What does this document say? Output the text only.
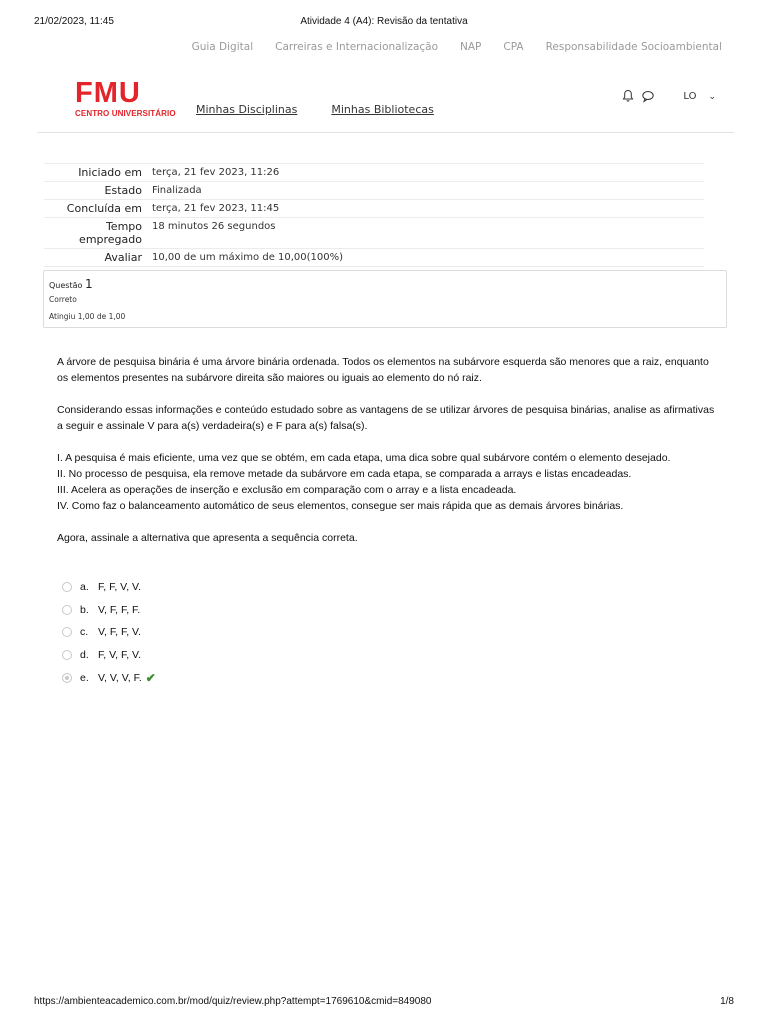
21/02/2023, 11:45	Atividade 4 (A4): Revisão da tentativa
Guia Digital Carreiras e Internacionalização NAP CPA Responsabilidade Socioambiental
FMU
CENTRO UNIVERSITÁRIO Minhas Disciplinas	Minhas Bibliotecas
LO ⌄
Iniciado em	terça, 21 fev 2023, 11:26
Estado	Finalizada
Concluída em	terça, 21 fev 2023, 11:45
Tempo empregado
18 minutos 26 segundos
Avaliar	10,00 de um máximo de 10,00(100%)
Questão 1
Correto
Atingiu 1,00 de 1,00

A árvore de pesquisa binária é uma árvore binária ordenada. Todos os elementos na subárvore esquerda são menores que a raiz, enquanto os elementos presentes na subárvore direita são maiores ou iguais ao elemento do nó raiz.

Considerando essas informações e conteúdo estudado sobre as vantagens de se utilizar árvores de pesquisa binárias, analise as afirmativas a seguir e assinale V para a(s) verdadeira(s) e F para a(s) falsa(s).

I. A pesquisa é mais eficiente, uma vez que se obtém, em cada etapa, uma dica sobre qual subárvore contém o elemento desejado.
II. No processo de pesquisa, ela remove metade da subárvore em cada etapa, se comparada a arrays e listas encadeadas.
III. Acelera as operações de inserção e exclusão em comparação com o array e a lista encadeada.
IV. Como faz o balanceamento automático de seus elementos, consegue ser mais rápida que as demais árvores binárias.

Agora, assinale a alternativa que apresenta a sequência correta.

a. F, F, V, V.
b. V, F, F, F.
c. V, F, F, V.
d. F, V, F, V.
e. V, V, V, F. ✔
https://ambienteacademico.com.br/mod/quiz/review.php?attempt=1769610&cmid=849080	1/8
